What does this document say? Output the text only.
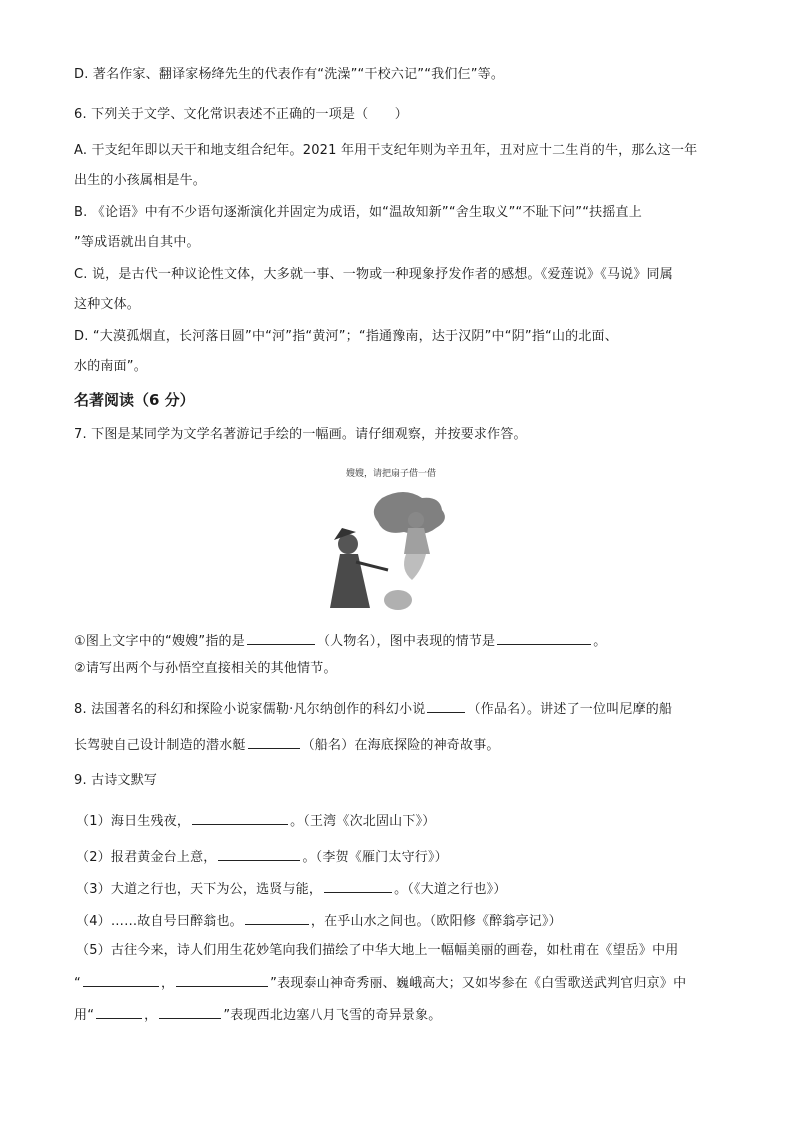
D. 著名作家、翻译家杨绛先生的代表作有“洗澡”“干校六记”“我们仨”等。
6. 下列关于文学、文化常识表述不正确的一项是（　　）
A. 干支纪年即以天干和地支组合纪年。2021 年用干支纪年则为辛丑年，丑对应十二生肖的牛，那么这一年
出生的小孩属相是牛。
B. 《论语》中有不少语句逐渐演化并固定为成语，如“温故知新”“舍生取义”“不耻下问”“扶摇直上
”等成语就出自其中。
C. 说，是古代一种议论性文体，大多就一事、一物或一种现象抒发作者的感想。《爱莲说》《马说》同属
这种文体。
D. “大漠孤烟直，长河落日圆”中“河”指“黄河”；“指通豫南，达于汉阴”中“阴”指“山的北面、
水的南面”。
名著阅读（6 分）
7. 下图是某同学为文学名著游记手绘的一幅画。请仔细观察，并按要求作答。
嫂嫂，请把扇子借一借
①图上文字中的“嫂嫂”指的是	（人物名），图中表现的情节是	。
②请写出两个与孙悟空直接相关的其他情节。
8. 法国著名的科幻和探险小说家儒勒·凡尔纳创作的科幻小说	（作品名）。讲述了一位叫尼摩的船
长驾驶自己设计制造的潜水艇	（船名）在海底探险的神奇故事。
9. 古诗文默写
（1）海日生残夜，	。（王湾《次北固山下》）
（2）报君黄金台上意，	。（李贺《雁门太守行》）
（3）大道之行也，天下为公，选贤与能，	。（《大道之行也》）
（4）……故自号曰醉翁也。	，在乎山水之间也。（欧阳修《醉翁亭记》）
（5）古往今来，诗人们用生花妙笔向我们描绘了中华大地上一幅幅美丽的画卷，如杜甫在《望岳》中用
“	，	”表现泰山神奇秀丽、巍峨高大；又如岑参在《白雪歌送武判官归京》中
用“	，	”表现西北边塞八月飞雪的奇异景象。
